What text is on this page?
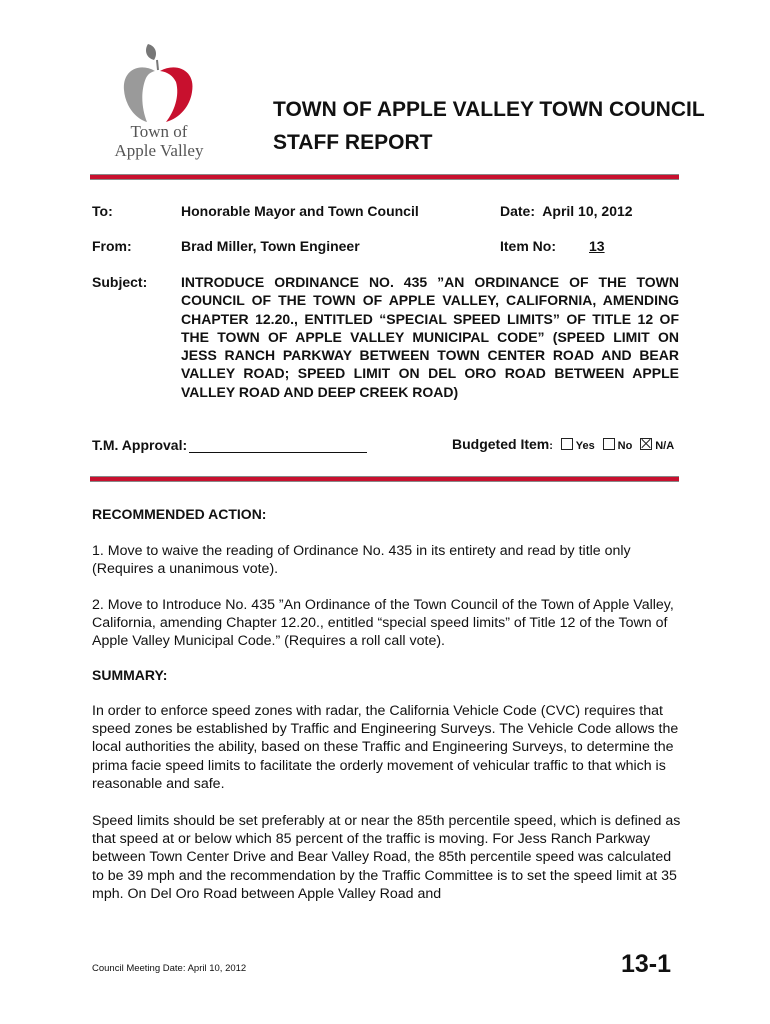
Town of
Apple Valley
TOWN OF APPLE VALLEY TOWN COUNCIL STAFF REPORT
To:	Honorable Mayor and Town Council	Date: April 10, 2012
From:	Brad Miller, Town Engineer	Item No: 13
Subject: INTRODUCE ORDINANCE NO. 435 ”AN ORDINANCE OF THE TOWN COUNCIL OF THE TOWN OF APPLE VALLEY, CALIFORNIA, AMENDING CHAPTER 12.20., ENTITLED “SPECIAL SPEED LIMITS” OF TITLE 12 OF THE TOWN OF APPLE VALLEY MUNICIPAL CODE” (SPEED LIMIT ON JESS RANCH PARKWAY BETWEEN TOWN CENTER ROAD AND BEAR VALLEY ROAD; SPEED LIMIT ON DEL ORO ROAD BETWEEN APPLE VALLEY ROAD AND DEEP CREEK ROAD)
T.M. Approval:	Budgeted Item: Yes No N/A
RECOMMENDED ACTION:
1. Move to waive the reading of Ordinance No. 435 in its entirety and read by title only (Requires a unanimous vote).
2. Move to Introduce No. 435 ”An Ordinance of the Town Council of the Town of Apple Valley, California, amending Chapter 12.20., entitled “special speed limits” of Title 12 of the Town of Apple Valley Municipal Code.” (Requires a roll call vote).
SUMMARY:
In order to enforce speed zones with radar, the California Vehicle Code (CVC) requires that speed zones be established by Traffic and Engineering Surveys. The Vehicle Code allows the local authorities the ability, based on these Traffic and Engineering Surveys, to determine the prima facie speed limits to facilitate the orderly movement of vehicular traffic to that which is reasonable and safe.
Speed limits should be set preferably at or near the 85th percentile speed, which is defined as that speed at or below which 85 percent of the traffic is moving. For Jess Ranch Parkway between Town Center Drive and Bear Valley Road, the 85th percentile speed was calculated to be 39 mph and the recommendation by the Traffic Committee is to set the speed limit at 35 mph. On Del Oro Road between Apple Valley Road and
Council Meeting Date: April 10, 2012	13-1
